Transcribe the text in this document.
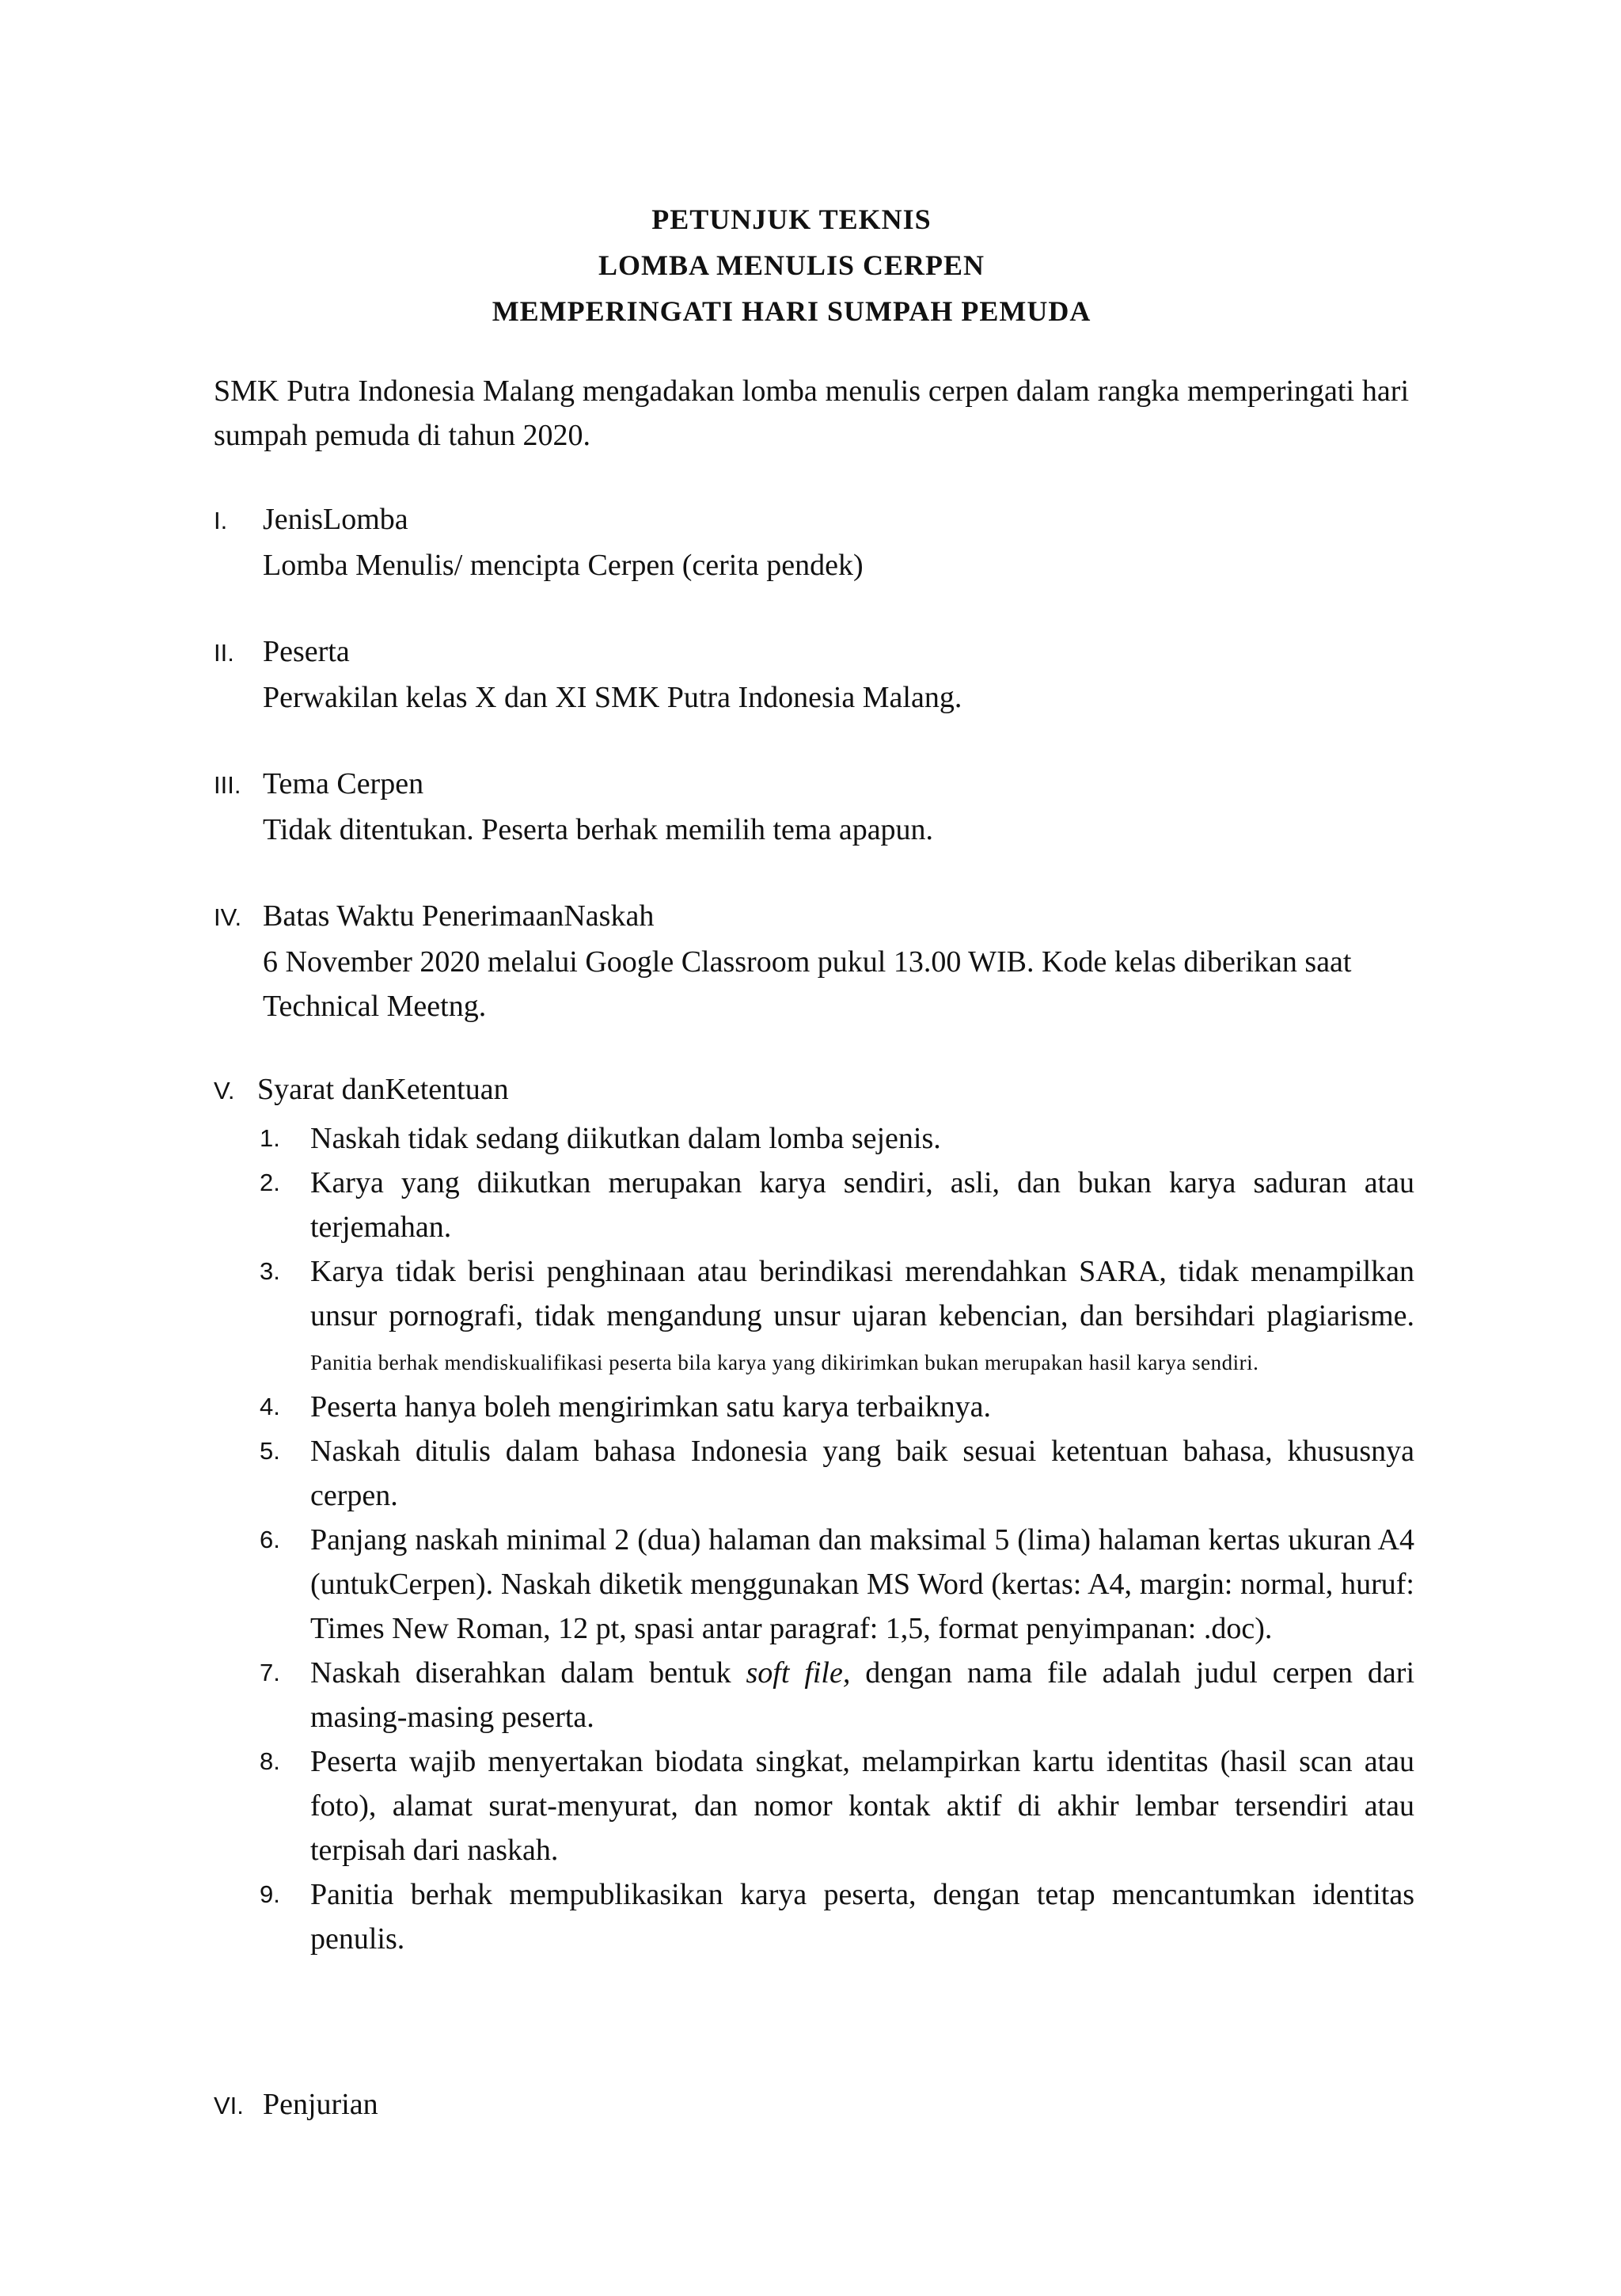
PETUNJUK TEKNIS
LOMBA MENULIS CERPEN
MEMPERINGATI HARI SUMPAH PEMUDA

SMK Putra Indonesia Malang mengadakan lomba menulis cerpen dalam rangka memperingati hari sumpah pemuda di tahun 2020.

I. JenisLomba
Lomba Menulis/ mencipta Cerpen (cerita pendek)
II. Peserta
Perwakilan kelas X dan XI SMK Putra Indonesia Malang.
III. Tema Cerpen
Tidak ditentukan. Peserta berhak memilih tema apapun.
IV. Batas Waktu PenerimaanNaskah
6 November 2020 melalui Google Classroom pukul 13.00 WIB. Kode kelas diberikan saat Technical Meetng.
V. Syarat danKetentuan
1. Naskah tidak sedang diikutkan dalam lomba sejenis.
2. Karya yang diikutkan merupakan karya sendiri, asli, dan bukan karya saduran atau terjemahan.
3. Karya tidak berisi penghinaan atau berindikasi merendahkan SARA, tidak menampilkan unsur pornografi, tidak mengandung unsur ujaran kebencian, dan bersihdari plagiarisme. Panitia berhak mendiskualifikasi peserta bila karya yang dikirimkan bukan merupakan hasil karya sendiri.
4. Peserta hanya boleh mengirimkan satu karya terbaiknya.
5. Naskah ditulis dalam bahasa Indonesia yang baik sesuai ketentuan bahasa, khususnya cerpen.
6. Panjang naskah minimal 2 (dua) halaman dan maksimal 5 (lima) halaman kertas ukuran A4 (untukCerpen). Naskah diketik menggunakan MS Word (kertas: A4, margin: normal, huruf: Times New Roman, 12 pt, spasi antar paragraf: 1,5, format penyimpanan: .doc).
7. Naskah diserahkan dalam bentuk soft file, dengan nama file adalah judul cerpen dari masing-masing peserta.
8. Peserta wajib menyertakan biodata singkat, melampirkan kartu identitas (hasil scan atau foto), alamat surat-menyurat, dan nomor kontak aktif di akhir lembar tersendiri atau terpisah dari naskah.
9. Panitia berhak mempublikasikan karya peserta, dengan tetap mencantumkan identitas penulis.
VI. Penjurian
